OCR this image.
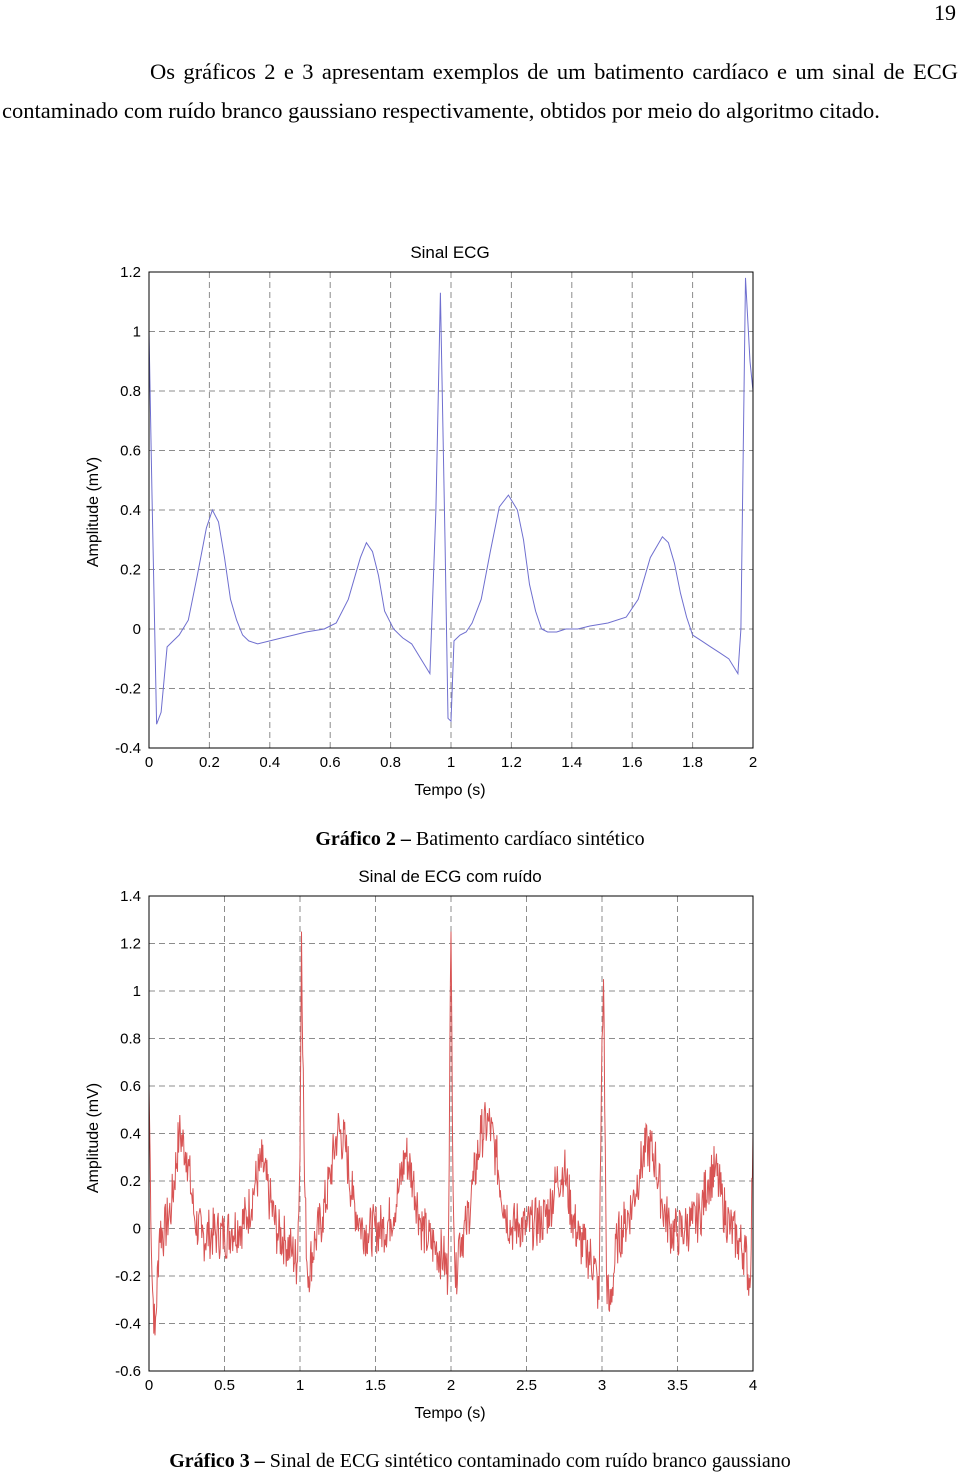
19

Os gráficos 2 e 3 apresentam exemplos de um batimento cardíaco e um sinal de ECG contaminado com ruído branco gaussiano respectivamente, obtidos por meio do algoritmo citado.

Sinal ECG
0	0.2	0.4	0.6	0.8	1	1.2	1.4	1.6	1.8	2
1.2
1
0.8
0.6
0.4
0.2
0
-0.2
-0.4
Tempo (s)
Amplitude (mV)
Gráfico 2 – Batimento cardíaco sintético
Sinal de ECG com ruído
0	0.5	1	1.5	2	2.5	3	3.5	4
1.4
1.2
1
0.8
0.6
0.4
0.2
0
-0.2
-0.4
-0.6
Tempo (s)
Amplitude (mV)
Gráfico 3 – Sinal de ECG sintético contaminado com ruído branco gaussiano
